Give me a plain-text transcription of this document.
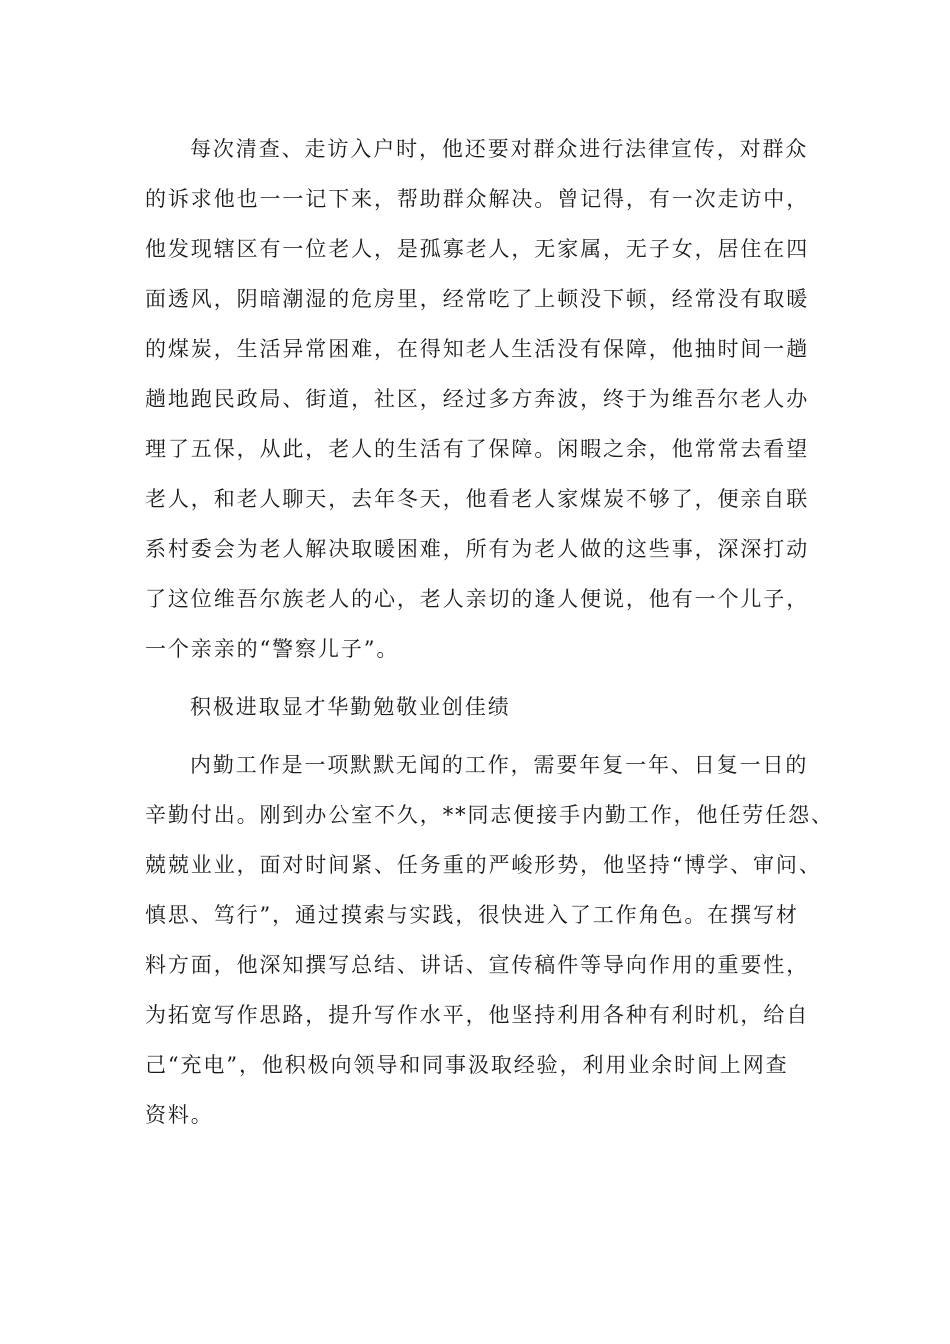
每次清查、走访入户时，他还要对群众进行法律宣传，对群众

的诉求他也一一记下来，帮助群众解决。曾记得，有一次走访中，

他发现辖区有一位老人，是孤寡老人，无家属，无子女，居住在四

面透风，阴暗潮湿的危房里，经常吃了上顿没下顿，经常没有取暖

的煤炭，生活异常困难，在得知老人生活没有保障，他抽时间一趟

趟地跑民政局、街道，社区，经过多方奔波，终于为维吾尔老人办

理了五保，从此，老人的生活有了保障。闲暇之余，他常常去看望

老人，和老人聊天，去年冬天，他看老人家煤炭不够了，便亲自联

系村委会为老人解决取暖困难，所有为老人做的这些事，深深打动

了这位维吾尔族老人的心，老人亲切的逢人便说，他有一个儿子，

一个亲亲的“警察儿子”。

积极进取显才华勤勉敬业创佳绩

内勤工作是一项默默无闻的工作，需要年复一年、日复一日的

辛勤付出。刚到办公室不久，**同志便接手内勤工作，他任劳任怨、

兢兢业业，面对时间紧、任务重的严峻形势，他坚持“博学、审问、

慎思、笃行”，通过摸索与实践，很快进入了工作角色。在撰写材

料方面，他深知撰写总结、讲话、宣传稿件等导向作用的重要性，

为拓宽写作思路，提升写作水平，他坚持利用各种有利时机，给自

己“充电”，他积极向领导和同事汲取经验，利用业余时间上网查

资料。
